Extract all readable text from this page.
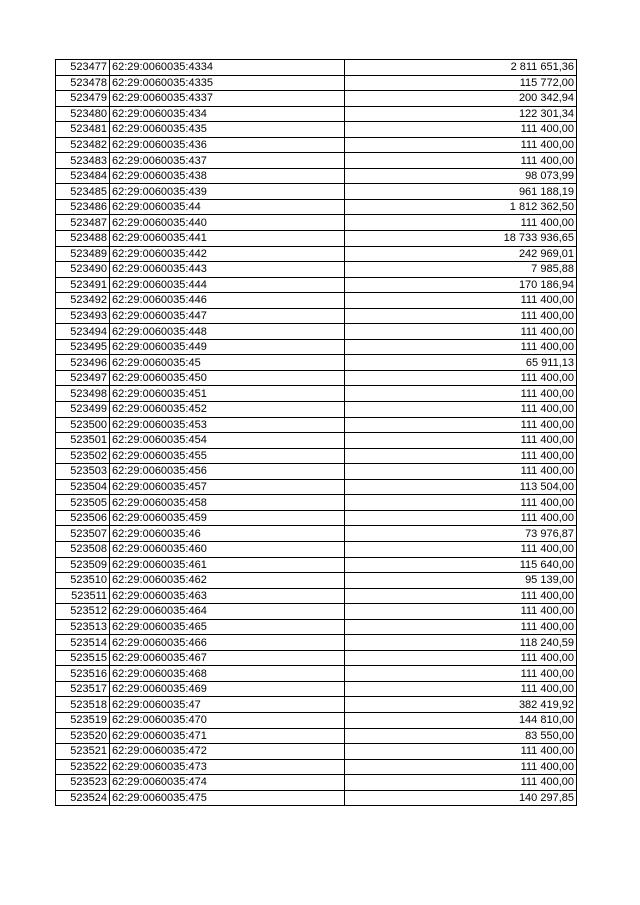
523477	62:29:0060035:4334	2 811 651,36
523478	62:29:0060035:4335	115 772,00
523479	62:29:0060035:4337	200 342,94
523480	62:29:0060035:434	122 301,34
523481	62:29:0060035:435	111 400,00
523482	62:29:0060035:436	111 400,00
523483	62:29:0060035:437	111 400,00
523484	62:29:0060035:438	98 073,99
523485	62:29:0060035:439	961 188,19
523486	62:29:0060035:44	1 812 362,50
523487	62:29:0060035:440	111 400,00
523488	62:29:0060035:441	18 733 936,65
523489	62:29:0060035:442	242 969,01
523490	62:29:0060035:443	7 985,88
523491	62:29:0060035:444	170 186,94
523492	62:29:0060035:446	111 400,00
523493	62:29:0060035:447	111 400,00
523494	62:29:0060035:448	111 400,00
523495	62:29:0060035:449	111 400,00
523496	62:29:0060035:45	65 911,13
523497	62:29:0060035:450	111 400,00
523498	62:29:0060035:451	111 400,00
523499	62:29:0060035:452	111 400,00
523500	62:29:0060035:453	111 400,00
523501	62:29:0060035:454	111 400,00
523502	62:29:0060035:455	111 400,00
523503	62:29:0060035:456	111 400,00
523504	62:29:0060035:457	113 504,00
523505	62:29:0060035:458	111 400,00
523506	62:29:0060035:459	111 400,00
523507	62:29:0060035:46	73 976,87
523508	62:29:0060035:460	111 400,00
523509	62:29:0060035:461	115 640,00
523510	62:29:0060035:462	95 139,00
523511	62:29:0060035:463	111 400,00
523512	62:29:0060035:464	111 400,00
523513	62:29:0060035:465	111 400,00
523514	62:29:0060035:466	118 240,59
523515	62:29:0060035:467	111 400,00
523516	62:29:0060035:468	111 400,00
523517	62:29:0060035:469	111 400,00
523518	62:29:0060035:47	382 419,92
523519	62:29:0060035:470	144 810,00
523520	62:29:0060035:471	83 550,00
523521	62:29:0060035:472	111 400,00
523522	62:29:0060035:473	111 400,00
523523	62:29:0060035:474	111 400,00
523524	62:29:0060035:475	140 297,85
